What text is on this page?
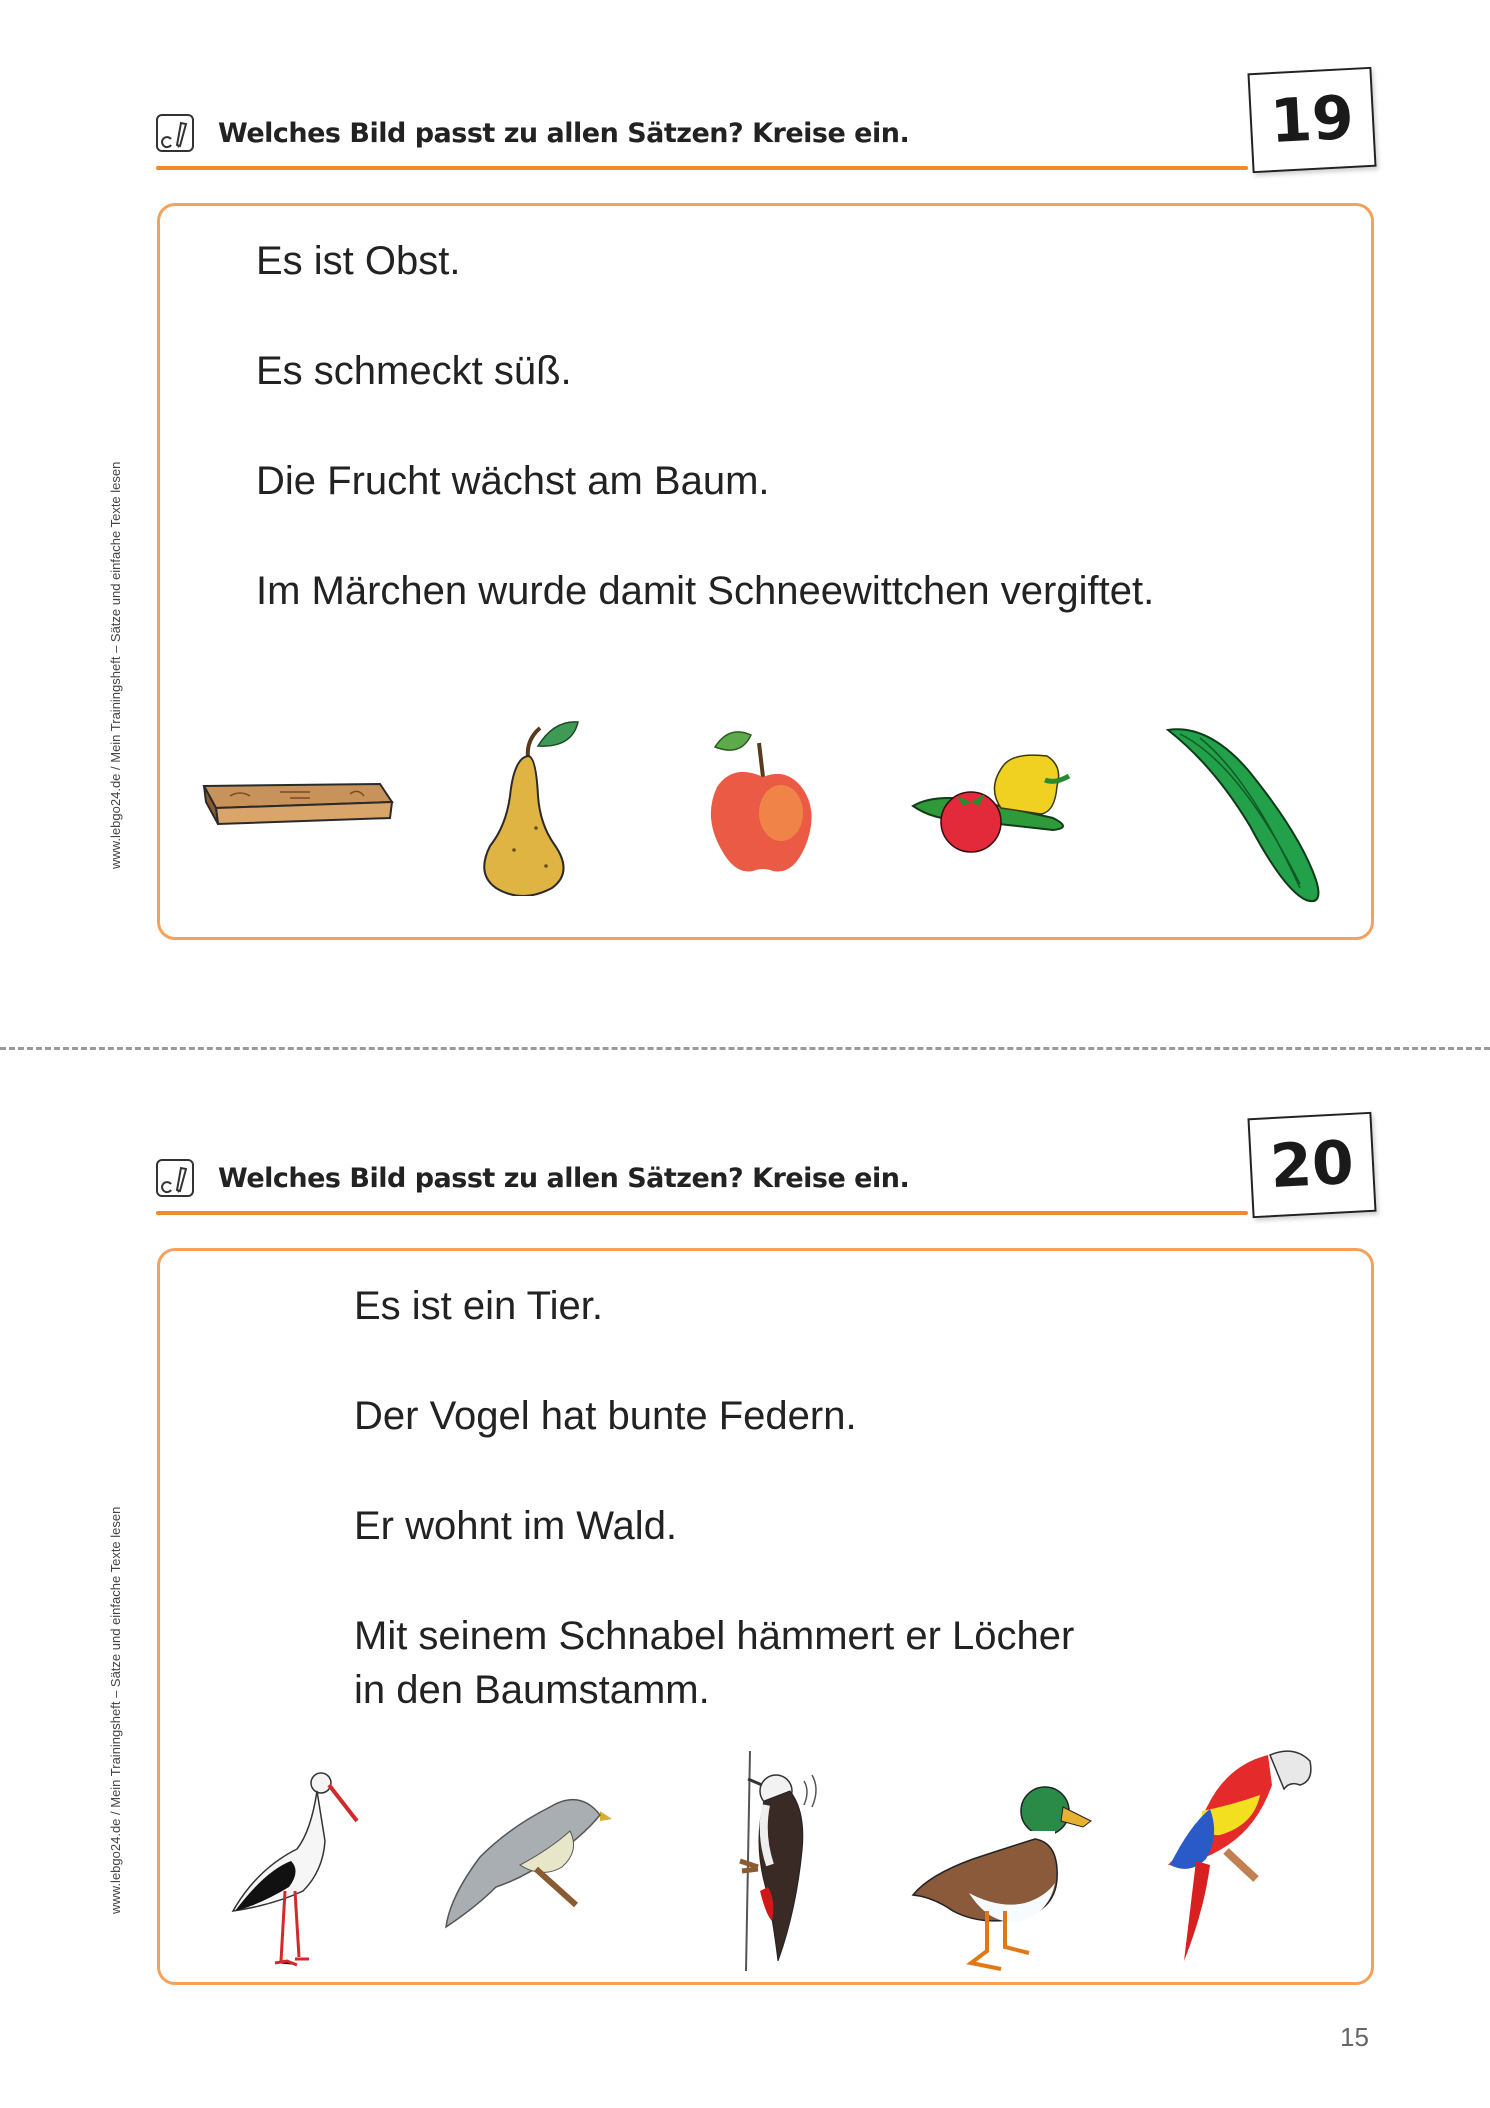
www.lebgo24.de / Mein Trainingsheft – Sätze und einfache Texte lesen
Welches Bild passt zu allen Sätzen? Kreise ein.	19
Es ist Obst.
Es schmeckt süß.
Die Frucht wächst am Baum.
Im Märchen wurde damit Schneewittchen vergiftet.
www.lebgo24.de / Mein Trainingsheft – Sätze und einfache Texte lesen
Welches Bild passt zu allen Sätzen? Kreise ein.	20
Es ist ein Tier.
Der Vogel hat bunte Federn.
Er wohnt im Wald.
Mit seinem Schnabel hämmert er Löcher
in den Baumstamm.
15
